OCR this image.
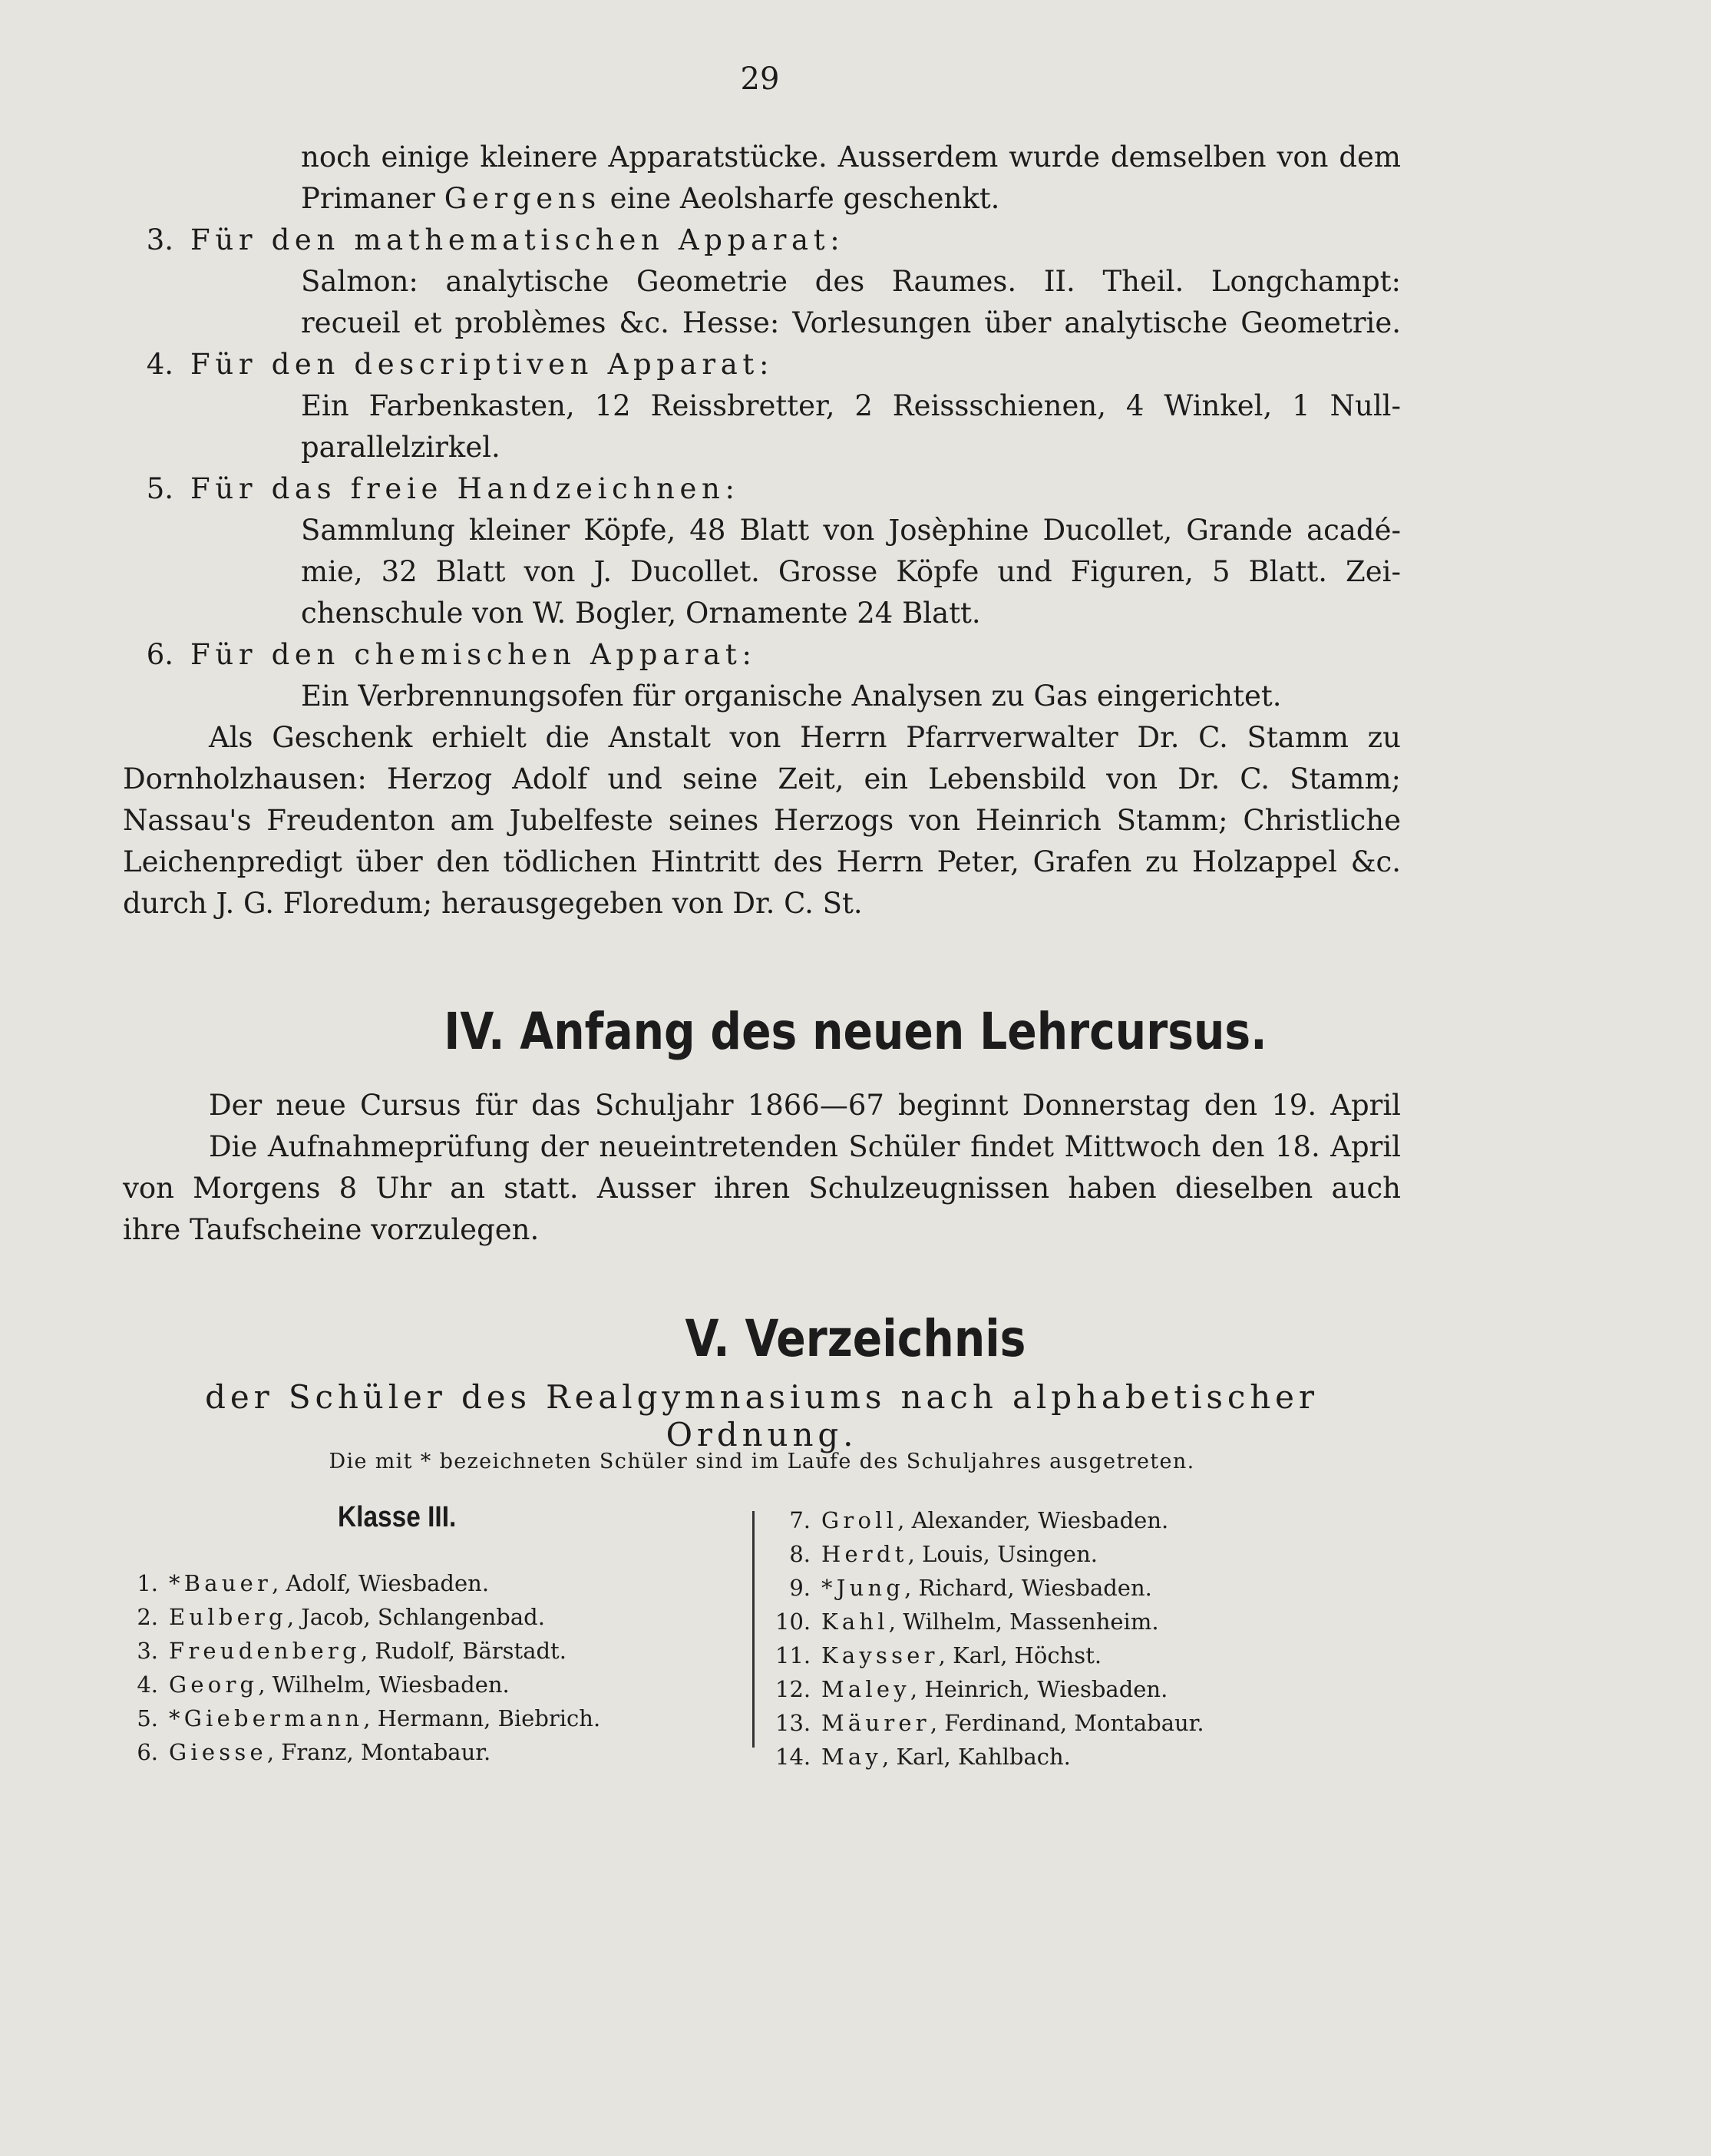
29

noch einige kleinere Apparatstücke. Ausserdem wurde demselben von dem

Primaner Gergens eine Aeolsharfe geschenkt.

3. Für den mathematischen Apparat:

Salmon: analytische Geometrie des Raumes. II. Theil. Longchampt:

recueil et problèmes &c. Hesse: Vorlesungen über analytische Geometrie.

4. Für den descriptiven Apparat:

Ein Farbenkasten, 12 Reissbretter, 2 Reissschienen, 4 Winkel, 1 Null-

parallelzirkel.

5. Für das freie Handzeichnen:

Sammlung kleiner Köpfe, 48 Blatt von Josèphine Ducollet, Grande acadé-

mie, 32 Blatt von J. Ducollet. Grosse Köpfe und Figuren, 5 Blatt. Zei-

chenschule von W. Bogler, Ornamente 24 Blatt.

6. Für den chemischen Apparat:

Ein Verbrennungsofen für organische Analysen zu Gas eingerichtet.

Als Geschenk erhielt die Anstalt von Herrn Pfarrverwalter Dr. C. Stamm zu

Dornholzhausen: Herzog Adolf und seine Zeit, ein Lebensbild von Dr. C. Stamm;

Nassau's Freudenton am Jubelfeste seines Herzogs von Heinrich Stamm; Christliche

Leichenpredigt über den tödlichen Hintritt des Herrn Peter, Grafen zu Holzappel &c.

durch J. G. Floredum; herausgegeben von Dr. C. St.

IV. Anfang des neuen Lehrcursus.

Der neue Cursus für das Schuljahr 1866—67 beginnt Donnerstag den 19. April

Die Aufnahmeprüfung der neueintretenden Schüler findet Mittwoch den 18. April

von Morgens 8 Uhr an statt. Ausser ihren Schulzeugnissen haben dieselben auch

ihre Taufscheine vorzulegen.

V. Verzeichnis
der Schüler des Realgymnasiums nach alphabetischer Ordnung.
Die mit * bezeichneten Schüler sind im Laufe des Schuljahres ausgetreten.
Klasse III.
1. *Bauer , Adolf, Wiesbaden.
2. Eulberg , Jacob, Schlangenbad.
3. Freudenberg , Rudolf, Bärstadt.
4. Georg , Wilhelm, Wiesbaden.
5. *Giebermann , Hermann, Biebrich.
6. Giesse , Franz, Montabaur.
7. Groll , Alexander, Wiesbaden.
8. Herdt , Louis, Usingen.
9. *Jung , Richard, Wiesbaden.
10. Kahl , Wilhelm, Massenheim.
11. Kaysser , Karl, Höchst.
12. Maley , Heinrich, Wiesbaden.
13. Mäurer , Ferdinand, Montabaur.
14. May , Karl, Kahlbach.
